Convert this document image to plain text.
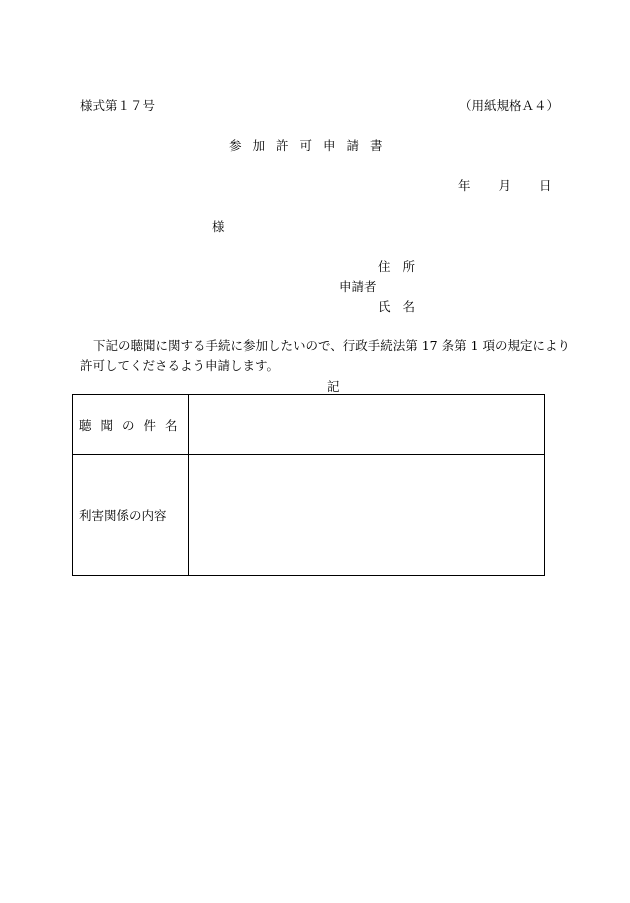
様式第１７号	（用紙規格Ａ４）
参加許可申請書
年 月 日
様
住所
申請者
氏名
下記の聴聞に関する手続に参加したいので、行政手続法第 17 条第 1 項の規定により許可してくださるよう申請します。
記
聴聞の件名	
利害関係の内容	
